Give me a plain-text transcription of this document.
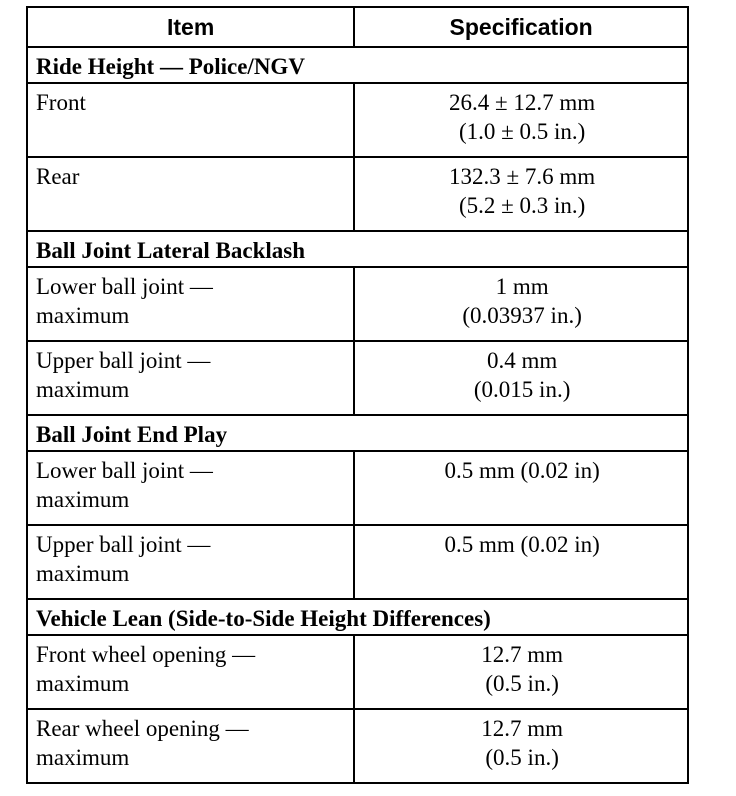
Item	Specification
Ride Height — Police/NGV	

Front	26.4 ± 12.7 mm
(1.0 ± 0.5 in.)

Rear	132.3 ± 7.6 mm
(5.2 ± 0.3 in.)

Ball Joint Lateral Backlash	

Lower ball joint —
maximum	1 mm
(0.03937 in.)

Upper ball joint —
maximum	0.4 mm
(0.015 in.)

Ball Joint End Play	

Lower ball joint —
maximum	0.5 mm (0.02 in)

Upper ball joint —
maximum	0.5 mm (0.02 in)

Vehicle Lean (Side-to-Side Height Differences)	

Front wheel opening —
maximum	12.7 mm
(0.5 in.)

Rear wheel opening —
maximum	12.7 mm
(0.5 in.)
